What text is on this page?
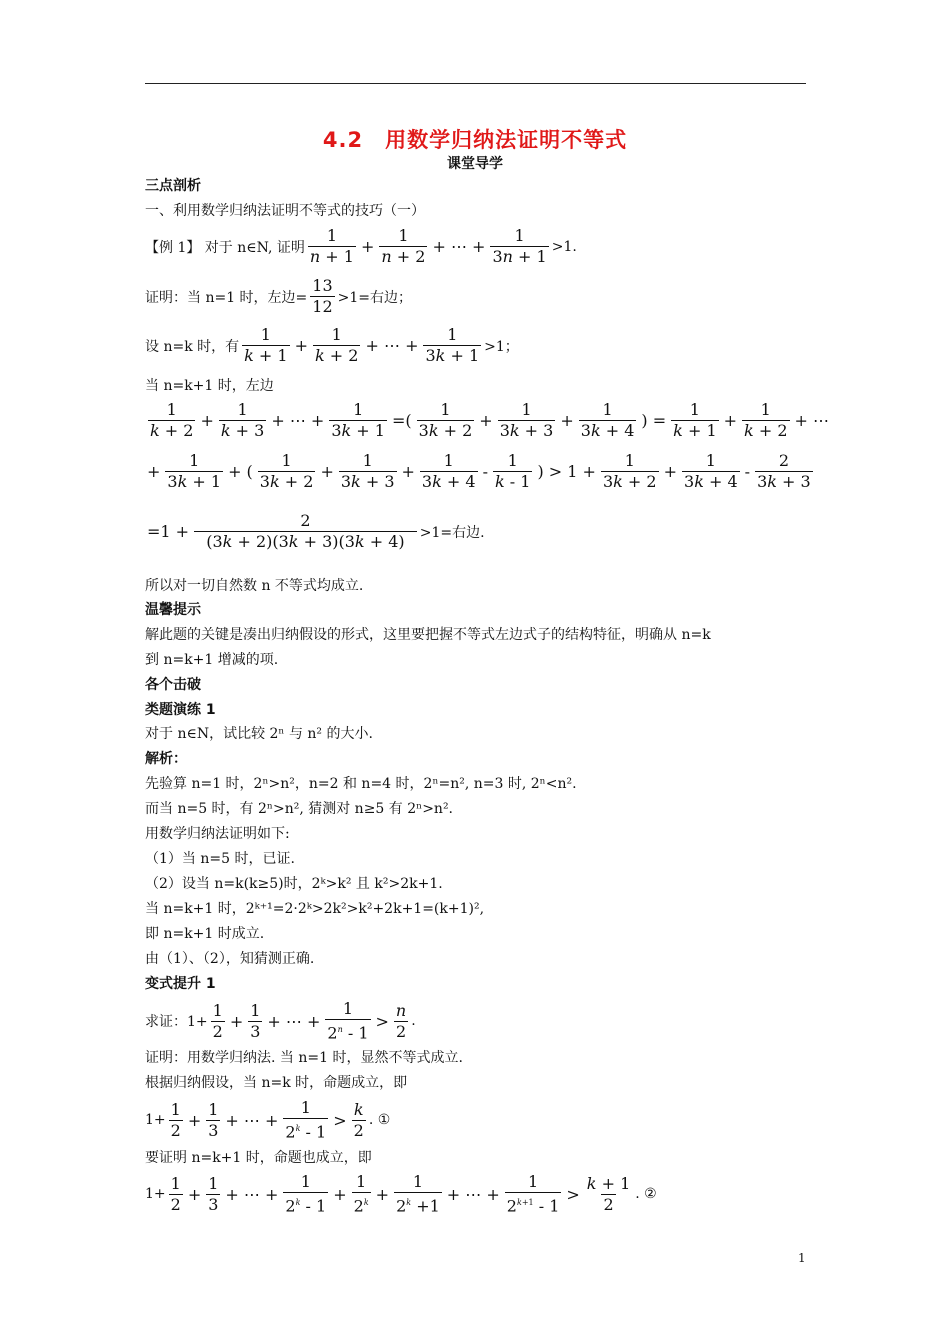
4.2　用数学归纳法证明不等式
课堂导学
三点剖析
一、利用数学归纳法证明不等式的技巧（一）
【例 1】 对于 n∈N, 证明 $\frac{1}{n + 1} + \frac{1}{n + 2}$ + ⋯ + $\frac{1}{3n + 1} >1$.
证明：当 n=1 时，左边= $\frac{13}{12} >1=$右边；
设 n=k 时，有 $\frac{1}{k + 1} + \frac{1}{k + 2}$ + ⋯ + $\frac{1}{3k + 1} >1$；
当 n=k+1 时，左边
$\frac{1}{k + 2} + \frac{1}{k + 3}$ + ⋯ + $\frac{1}{3k + 1}$ =( $\frac{1}{3k + 2} + \frac{1}{3k + 3} + \frac{1}{3k + 4}$ ) = $\frac{1}{k + 1} + \frac{1}{k + 2}$ + ⋯
+ $\frac{1}{3k + 1}$ + ( $\frac{1}{3k + 2} + \frac{1}{3k + 3} + \frac{1}{3k + 4} - \frac{1}{k - 1}$ ) > $1 + \frac{1}{3k + 2} + \frac{1}{3k + 4} - \frac{2}{3k + 3}$
$=1 + \frac{2}{(3k + 2)(3k + 3)(3k + 4)} >1=$右边.
所以对一切自然数 n 不等式均成立.
温馨提示
解此题的关键是凑出归纳假设的形式，这里要把握不等式左边式子的结构特征，明确从 n=k
到 n=k+1 增减的项.
各个击破
类题演练 1
对于 n∈N，试比较 2ⁿ 与 n² 的大小.
解析：
先验算 n=1 时，2ⁿ>n²，n=2 和 n=4 时，2ⁿ=n², n=3 时, 2ⁿ<n².
而当 n=5 时，有 2ⁿ>n², 猜测对 n≥5 有 2ⁿ>n².
用数学归纳法证明如下:
（1）当 n=5 时，已证.
（2）设当 n=k(k≥5)时，2ᵏ>k² 且 k²>2k+1.
当 n=k+1 时，2ᵏ⁺¹=2·2ᵏ>2k²>k²+2k+1=(k+1)²,
即 n=k+1 时成立.
由（1）、（2），知猜测正确.
变式提升 1
求证：$1+ \frac{1}{2} + \frac{1}{3}$ + ⋯ + $\frac{1}{2^n - 1} > \frac{n}{2}$ .
证明：用数学归纳法. 当 n=1 时，显然不等式成立.
根据归纳假设，当 n=k 时，命题成立，即
$1+ \frac{1}{2} + \frac{1}{3}$ + ⋯ + $\frac{1}{2^k - 1} > \frac{k}{2}$ . ①
要证明 n=k+1 时，命题也成立，即
$1+ \frac{1}{2} + \frac{1}{3}$ + ⋯ + $\frac{1}{2^k - 1} + \frac{1}{2^k} + \frac{1}{2^k +1}$ + ⋯ + $\frac{1}{2^{k+1} - 1} > \frac{k + 1}{2}$ . ②
1
